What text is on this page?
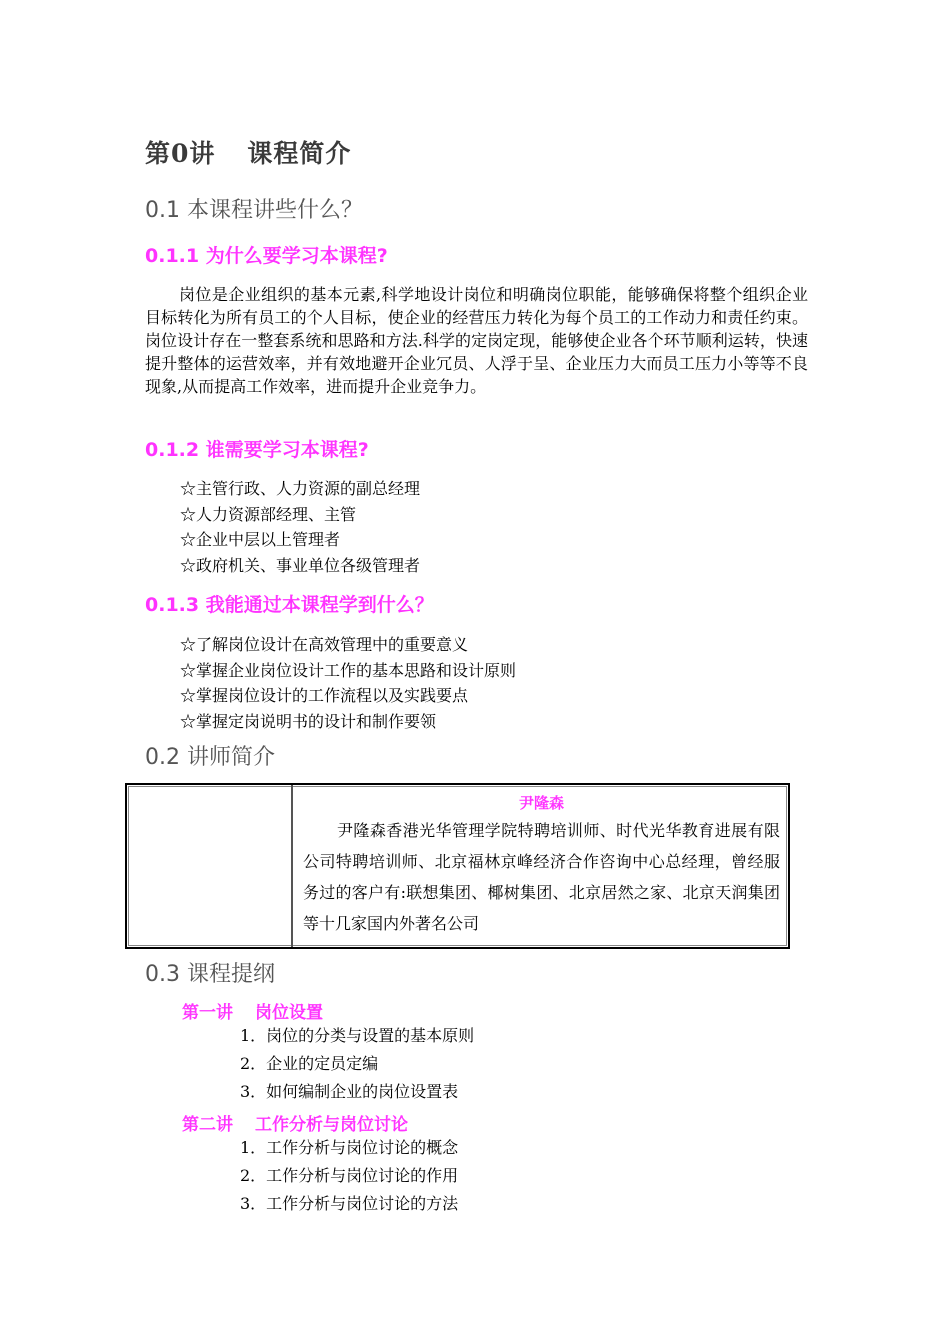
第0讲 课程简介
0.1 本课程讲些什么？
0.1.1 为什么要学习本课程?

岗位是企业组织的基本元素,科学地设计岗位和明确岗位职能，能够确保将整个组织企业目标转化为所有员工的个人目标，使企业的经营压力转化为每个员工的工作动力和责任约束。岗位设计存在一整套系统和思路和方法.科学的定岗定现，能够使企业各个环节顺利运转，快速提升整体的运营效率，并有效地避开企业冗员、人浮于呈、企业压力大而员工压力小等等不良现象,从而提高工作效率，进而提升企业竞争力。

0.1.2 谁需要学习本课程?
☆主管行政、人力资源的副总经理
☆人力资源部经理、主管
☆企业中层以上管理者
☆政府机关、事业单位各级管理者
0.1.3 我能通过本课程学到什么？
☆了解岗位设计在高效管理中的重要意义
☆掌握企业岗位设计工作的基本思路和设计原则
☆掌握岗位设计的工作流程以及实践要点
☆掌握定岗说明书的设计和制作要领
0.2 讲师简介
尹隆森
尹隆森香港光华管理学院特聘培训师、时代光华教育进展有限公司特聘培训师、北京福林京峰经济合作咨询中心总经理，曾经服务过的客户有:联想集团、椰树集团、北京居然之家、北京天润集团等十几家国内外著名公司
0.3 课程提纲
第一讲 岗位设置
1．岗位的分类与设置的基本原则
2．企业的定员定编
3．如何编制企业的岗位设置表
第二讲 工作分析与岗位讨论
1．工作分析与岗位讨论的概念
2．工作分析与岗位讨论的作用
3．工作分析与岗位讨论的方法
